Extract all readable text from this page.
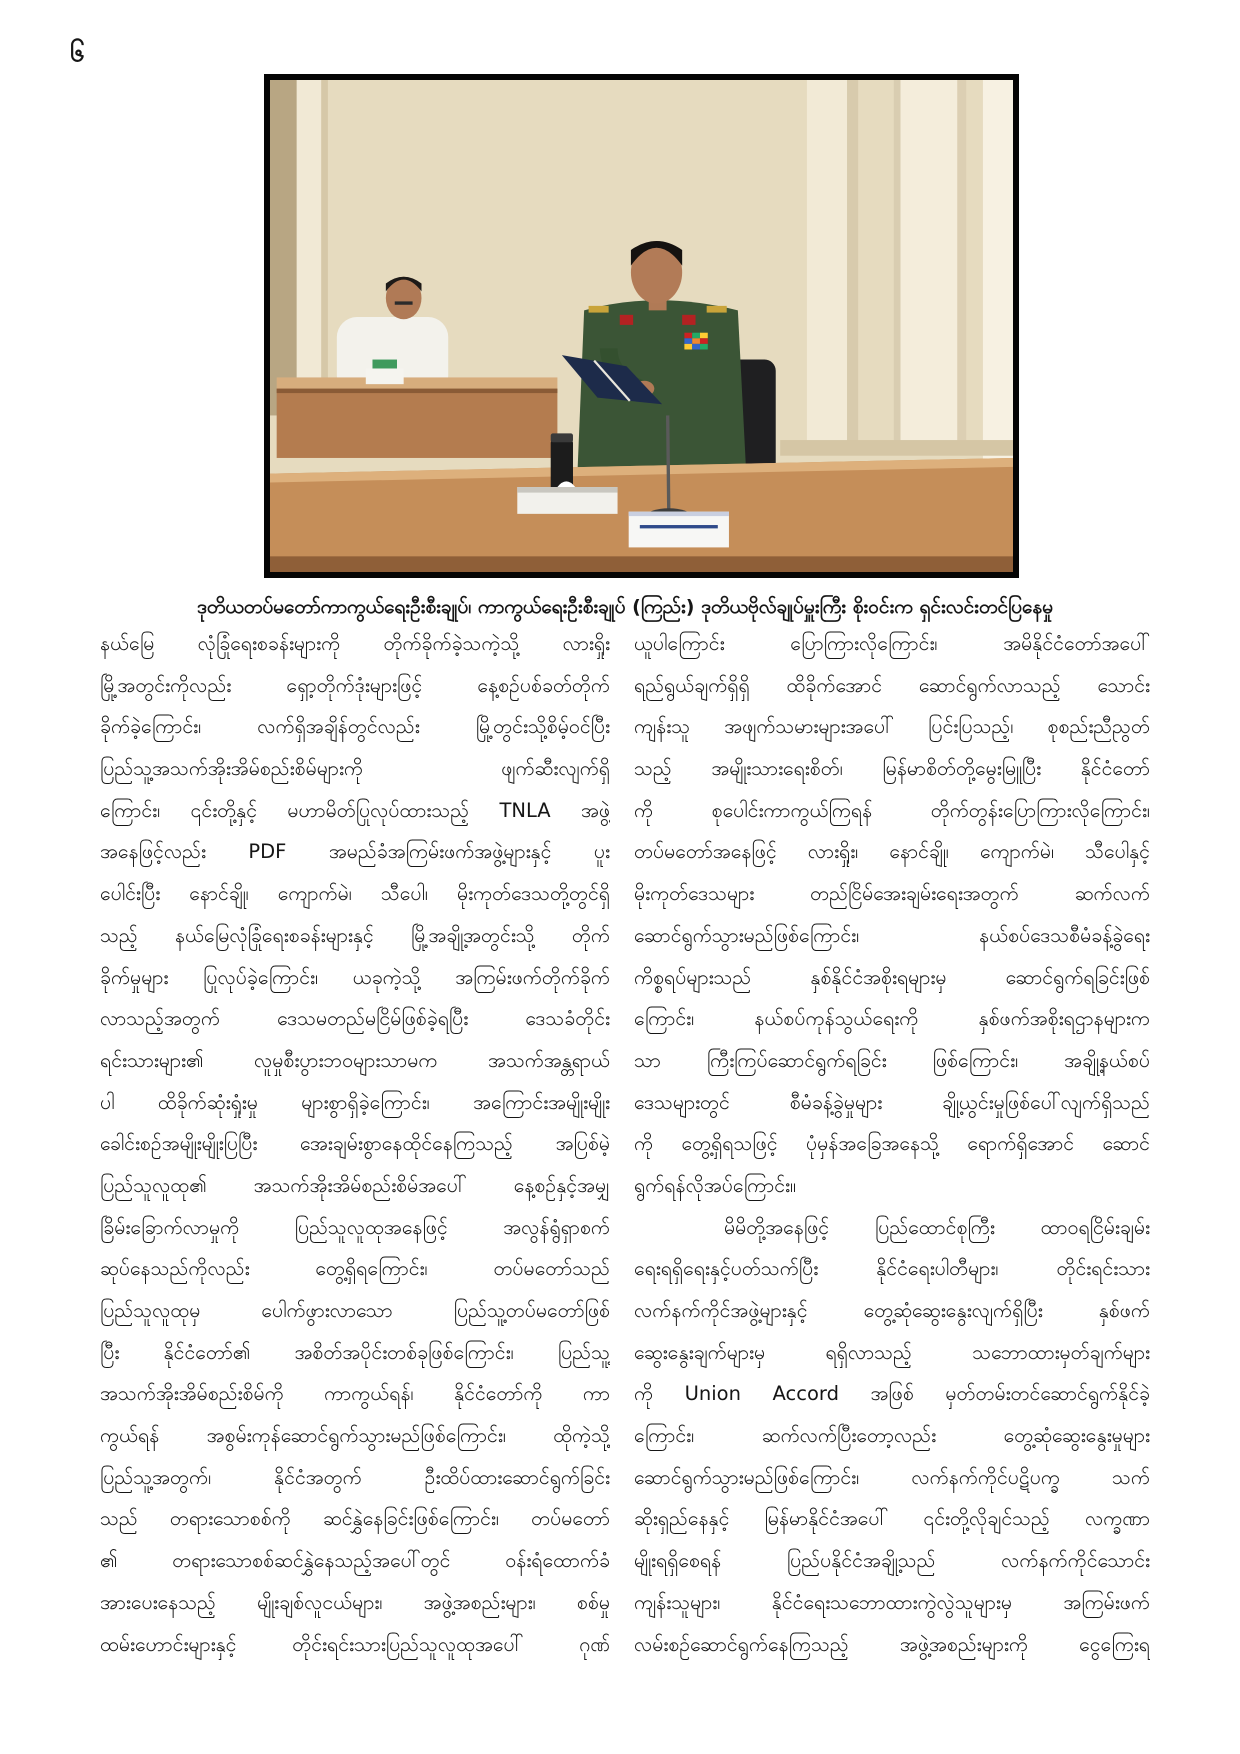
၆
ဒုတိယတပ်မတော်ကာကွယ်ရေးဦးစီးချုပ်၊ ကာကွယ်ရေးဦးစီးချုပ် (ကြည်း) ဒုတိယဗိုလ်ချုပ်မှူးကြီး စိုးဝင်းက ရှင်းလင်းတင်ပြနေမှု
နယ်မြေ လုံခြုံရေးစခန်းများကို တိုက်ခိုက်ခဲ့သကဲ့သို့ လားရှိုး
မြို့အတွင်းကိုလည်း ရှော့တိုက်ဒုံးများဖြင့် နေ့စဉ်ပစ်ခတ်တိုက်
ခိုက်ခဲ့ကြောင်း၊ လက်ရှိအချိန်တွင်လည်း မြို့တွင်းသို့စိမ့်ဝင်ပြီး
ပြည်သူ့အသက်အိုးအိမ်စည်းစိမ်များကို ဖျက်ဆီးလျက်ရှိ
ကြောင်း၊ ၎င်းတို့နှင့် မဟာမိတ်ပြုလုပ်ထားသည့် TNLA အဖွဲ့
အနေဖြင့်လည်း PDF အမည်ခံအကြမ်းဖက်အဖွဲ့များနှင့် ပူး
ပေါင်းပြီး နောင်ချို၊ ကျောက်မဲ၊ သီပေါ၊ မိုးကုတ်ဒေသတို့တွင်ရှိ
သည့် နယ်မြေလုံခြုံရေးစခန်းများနှင့် မြို့အချို့အတွင်းသို့ တိုက်
ခိုက်မှုများ ပြုလုပ်ခဲ့ကြောင်း၊ ယခုကဲ့သို့ အကြမ်းဖက်တိုက်ခိုက်
လာသည့်အတွက် ဒေသမတည်မငြိမ်ဖြစ်ခဲ့ရပြီး ဒေသခံတိုင်း
ရင်းသားများ၏ လူမှုစီးပွားဘဝများသာမက အသက်အန္တရာယ်
ပါ ထိခိုက်ဆုံးရှုံးမှု များစွာရှိခဲ့ကြောင်း၊ အကြောင်းအမျိုးမျိုး
ခေါင်းစဉ်အမျိုးမျိုးပြပြီး အေးချမ်းစွာနေထိုင်နေကြသည့် အပြစ်မဲ့
ပြည်သူလူထု၏ အသက်အိုးအိမ်စည်းစိမ်အပေါ် နေ့စဉ်နှင့်အမျှ
ခြိမ်းခြောက်လာမှုကို ပြည်သူလူထုအနေဖြင့် အလွန်ရွံရှာစက်
ဆုပ်နေသည်ကိုလည်း တွေ့ရှိရကြောင်း၊ တပ်မတော်သည်
ပြည်သူလူထုမှ ပေါက်ဖွားလာသော ပြည်သူ့တပ်မတော်ဖြစ်
ပြီး နိုင်ငံတော်၏ အစိတ်အပိုင်းတစ်ခုဖြစ်ကြောင်း၊ ပြည်သူ့
အသက်အိုးအိမ်စည်းစိမ်ကို ကာကွယ်ရန်၊ နိုင်ငံတော်ကို ကာ
ကွယ်ရန် အစွမ်းကုန်ဆောင်ရွက်သွားမည်ဖြစ်ကြောင်း၊ ထိုကဲ့သို့
ပြည်သူ့အတွက်၊ နိုင်ငံအတွက် ဦးထိပ်ထားဆောင်ရွက်ခြင်း
သည် တရားသောစစ်ကို ဆင်နွှဲနေခြင်းဖြစ်ကြောင်း၊ တပ်မတော်
၏ တရားသောစစ်ဆင်နွှဲနေသည့်အပေါ်တွင် ဝန်းရံထောက်ခံ
အားပေးနေသည့် မျိုးချစ်လူငယ်များ၊ အဖွဲ့အစည်းများ၊ စစ်မှု
ထမ်းဟောင်းများနှင့် တိုင်းရင်းသားပြည်သူလူထုအပေါ် ဂုဏ်
ယူပါကြောင်း ပြောကြားလိုကြောင်း၊ အမိနိုင်ငံတော်အပေါ်
ရည်ရွယ်ချက်ရှိရှိ ထိခိုက်အောင် ဆောင်ရွက်လာသည့် သောင်း
ကျန်းသူ အဖျက်သမားများအပေါ် ပြင်းပြသည့်၊ စုစည်းညီညွတ်
သည့် အမျိုးသားရေးစိတ်၊ မြန်မာစိတ်တို့မွေးမြူပြီး နိုင်ငံတော်
ကို စုပေါင်းကာကွယ်ကြရန် တိုက်တွန်းပြောကြားလိုကြောင်း၊
တပ်မတော်အနေဖြင့် လားရှိုး၊ နောင်ချို၊ ကျောက်မဲ၊ သီပေါနှင့်
မိုးကုတ်ဒေသများ တည်ငြိမ်အေးချမ်းရေးအတွက် ဆက်လက်
ဆောင်ရွက်သွားမည်ဖြစ်ကြောင်း၊ နယ်စပ်ဒေသစီမံခန့်ခွဲရေး
ကိစ္စရပ်များသည် နှစ်နိုင်ငံအစိုးရများမှ ဆောင်ရွက်ရခြင်းဖြစ်
ကြောင်း၊ နယ်စပ်ကုန်သွယ်ရေးကို နှစ်ဖက်အစိုးရဌာနများက
သာ ကြီးကြပ်ဆောင်ရွက်ရခြင်း ဖြစ်ကြောင်း၊ အချို့နယ်စပ်
ဒေသများတွင် စီမံခန့်ခွဲမှုများ ချို့ယွင်းမှုဖြစ်ပေါ်လျက်ရှိသည်
ကို တွေ့ရှိရသဖြင့် ပုံမှန်အခြေအနေသို့ ရောက်ရှိအောင် ဆောင်
ရွက်ရန်လိုအပ်ကြောင်း။
မိမိတို့အနေဖြင့် ပြည်ထောင်စုကြီး ထာဝရငြိမ်းချမ်း
ရေးရရှိရေးနှင့်ပတ်သက်ပြီး နိုင်ငံရေးပါတီများ၊ တိုင်းရင်းသား
လက်နက်ကိုင်အဖွဲ့များနှင့် တွေ့ဆုံဆွေးနွေးလျက်ရှိပြီး နှစ်ဖက်
ဆွေးနွေးချက်များမှ ရရှိလာသည့် သဘောထားမှတ်ချက်များ
ကို Union Accord အဖြစ် မှတ်တမ်းတင်ဆောင်ရွက်နိုင်ခဲ့
ကြောင်း၊ ဆက်လက်ပြီးတော့လည်း တွေ့ဆုံဆွေးနွေးမှုများ
ဆောင်ရွက်သွားမည်ဖြစ်ကြောင်း၊ လက်နက်ကိုင်ပဋိပက္ခ သက်
ဆိုးရှည်နေနှင့် မြန်မာနိုင်ငံအပေါ် ၎င်းတို့လိုချင်သည့် လက္ခဏာ
မျိုးရရှိစေရန် ပြည်ပနိုင်ငံအချို့သည် လက်နက်ကိုင်သောင်း
ကျန်းသူများ၊ နိုင်ငံရေးသဘောထားကွဲလွဲသူများမှ အကြမ်းဖက်
လမ်းစဉ်ဆောင်ရွက်နေကြသည့် အဖွဲ့အစည်းများကို ငွေကြေးရ
